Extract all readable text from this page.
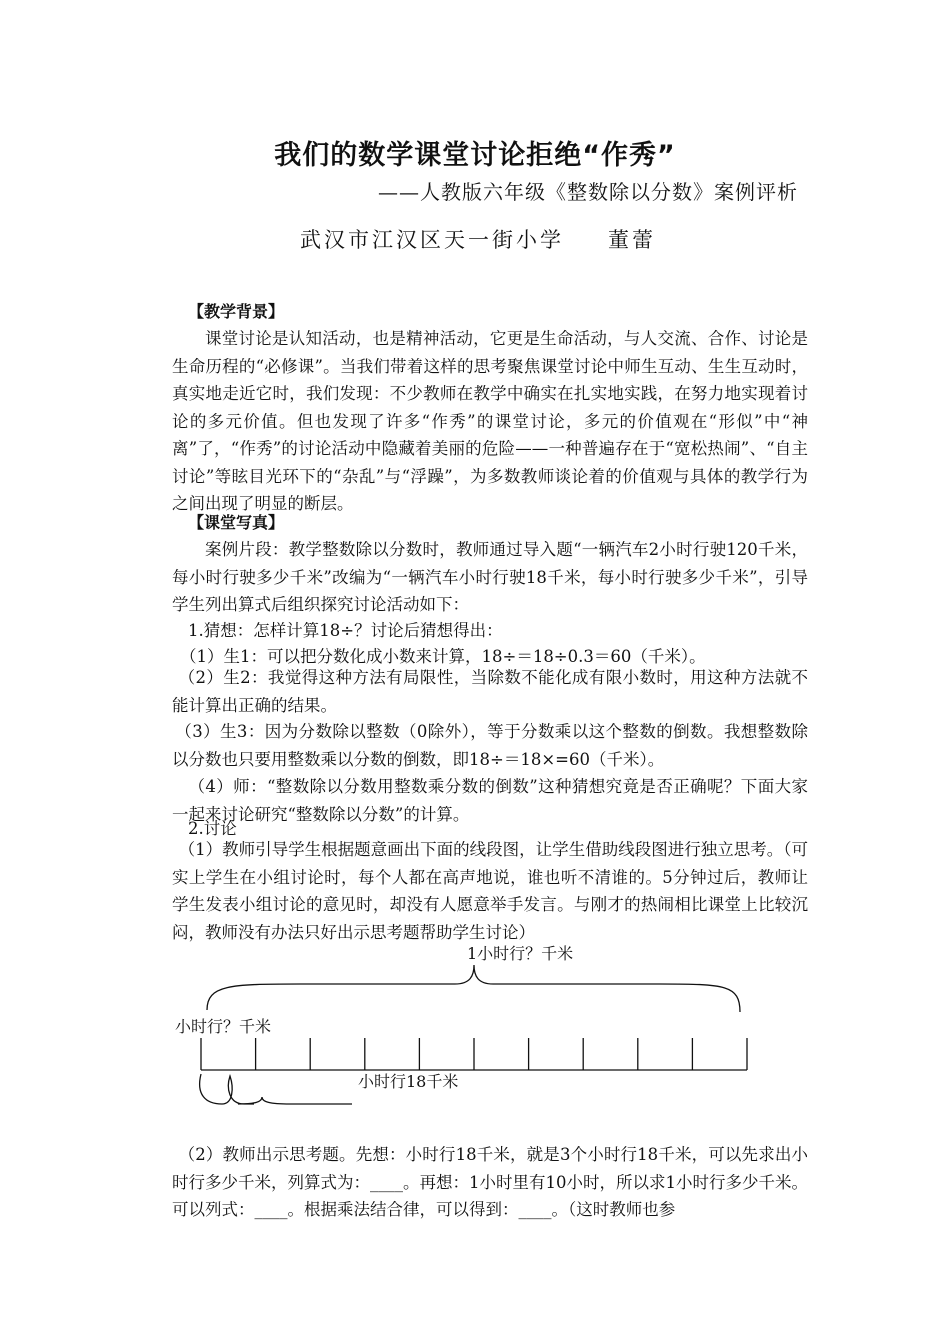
我们的数学课堂讨论拒绝“作秀”
——人教版六年级《整数除以分数》案例评析
武汉市江汉区天一街小学 董蕾
【教学背景】

课堂讨论是认知活动，也是精神活动，它更是生命活动，与人交流、合作、讨论是生命历程的“必修课”。当我们带着这样的思考聚焦课堂讨论中师生互动、生生互动时，真实地走近它时，我们发现：不少教师在教学中确实在扎实地实践，在努力地实现着讨论的多元价值。但也发现了许多“作秀”的课堂讨论，多元的价值观在“形似”中“神离”了，“作秀”的讨论活动中隐藏着美丽的危险——一种普遍存在于“宽松热闹”、“自主讨论”等眩目光环下的“杂乱”与“浮躁”，为多数教师谈论着的价值观与具体的教学行为之间出现了明显的断层。

【课堂写真】

案例片段：教学整数除以分数时，教师通过导入题“一辆汽车2小时行驶120千米，每小时行驶多少千米”改编为“一辆汽车小时行驶18千米，每小时行驶多少千米”，引导学生列出算式后组织探究讨论活动如下：

1.猜想：怎样计算18÷？讨论后猜想得出：
（1）生1：可以把分数化成小数来计算，18÷＝18÷0.3＝60（千米）。

（2）生2：我觉得这种方法有局限性，当除数不能化成有限小数时，用这种方法就不能计算出正确的结果。

（3）生3：因为分数除以整数（0除外），等于分数乘以这个整数的倒数。我想整数除以分数也只要用整数乘以分数的倒数，即18÷＝18×=60（千米）。

（4）师：“整数除以分数用整数乘分数的倒数”这种猜想究竟是否正确呢？下面大家一起来讨论研究“整数除以分数”的计算。

2.讨论

（1）教师引导学生根据题意画出下面的线段图，让学生借助线段图进行独立思考。（可实上学生在小组讨论时，每个人都在高声地说，谁也听不清谁的。5分钟过后，教师让学生发表小组讨论的意见时，却没有人愿意举手发言。与刚才的热闹相比课堂上比较沉闷，教师没有办法只好出示思考题帮助学生讨论）

1小时行？千米
小时行？千米
小时行18千米

（2）教师出示思考题。先想：小时行18千米，就是3个小时行18千米，可以先求出小时行多少千米，列算式为：____。再想：1小时里有10小时，所以求1小时行多少千米。可以列式：____。根据乘法结合律，可以得到：____。（这时教师也参
